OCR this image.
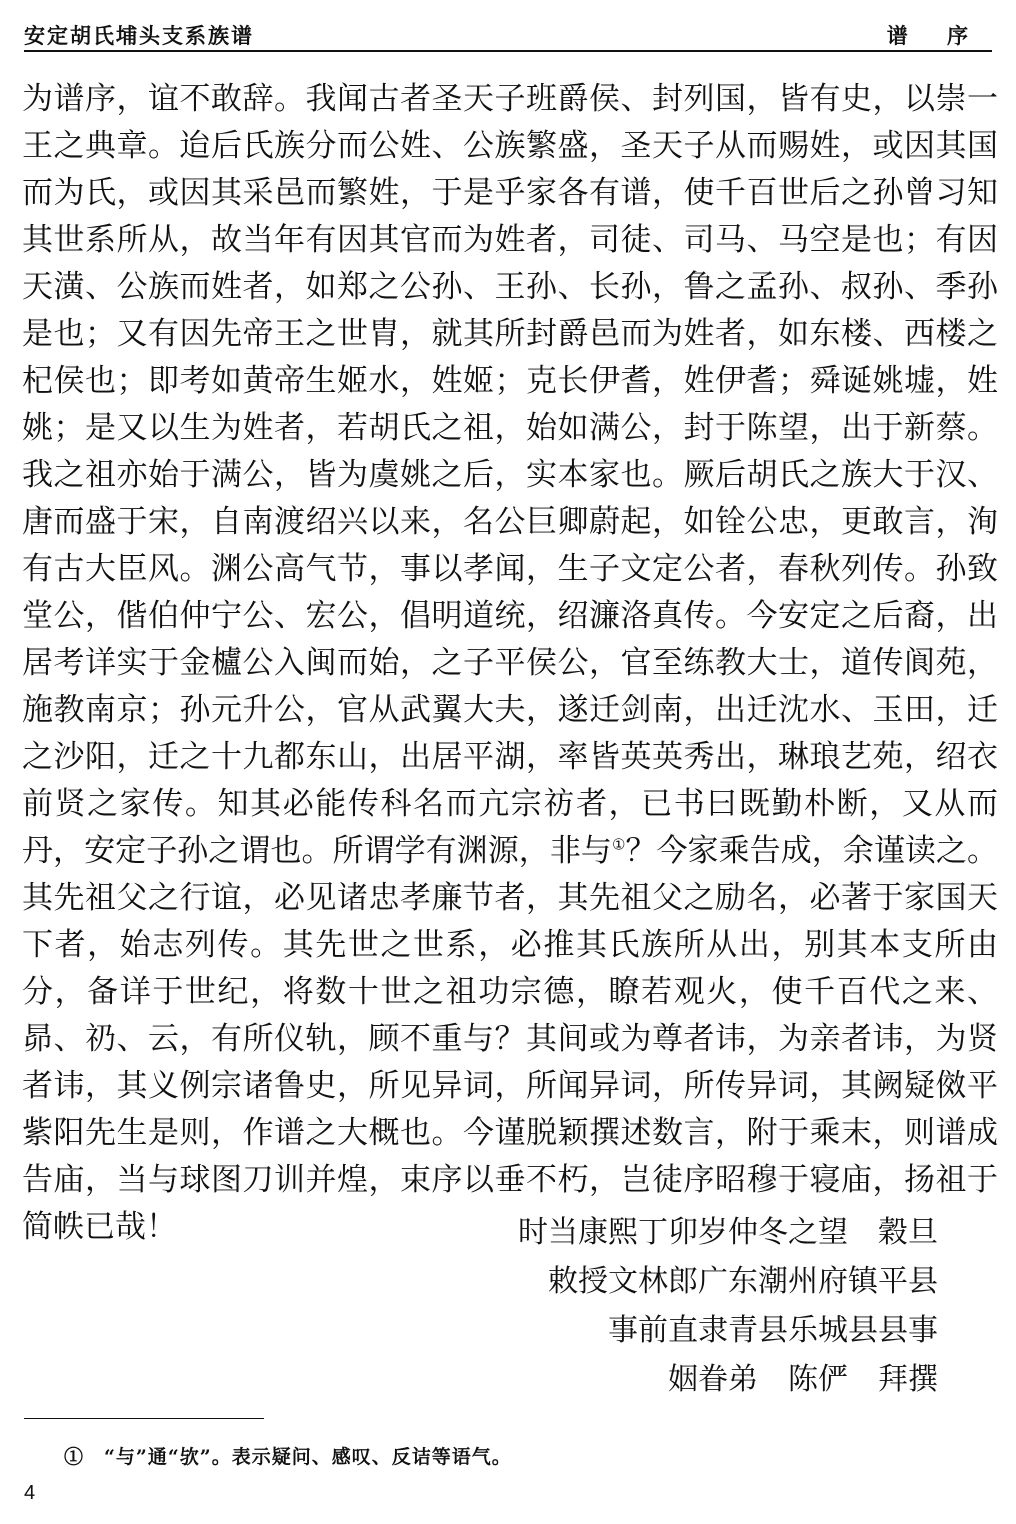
安定胡氏埔头支系族谱	谱 序

为谱序，谊不敢辞。我闻古者圣天子班爵侯、封列国，皆有史，以崇一王之典章。迨后氏族分而公姓、公族繁盛，圣天子从而赐姓，或因其国而为氏，或因其采邑而繁姓，于是乎家各有谱，使千百世后之孙曾习知其世系所从，故当年有因其官而为姓者，司徒、司马、马空是也；有因天潢、公族而姓者，如郑之公孙、王孙、长孙，鲁之孟孙、叔孙、季孙是也；又有因先帝王之世胄，就其所封爵邑而为姓者，如东楼、西楼之杞侯也；即考如黄帝生姬水，姓姬；克长伊耆，姓伊耆；舜诞姚墟，姓姚；是又以生为姓者，若胡氏之祖，始如满公，封于陈望，出于新蔡。我之祖亦始于满公，皆为虞姚之后，实本家也。厥后胡氏之族大于汉、唐而盛于宋，自南渡绍兴以来，名公巨卿蔚起，如铨公忠，更敢言，洵有古大臣风。渊公高气节，事以孝闻，生子文定公者，春秋列传。孙致堂公，偕伯仲宁公、宏公，倡明道统，绍濂洛真传。今安定之后裔，出居考详实于金櫨公入闽而始，之子平侯公，官至练教大士，道传阆苑，施教南京；孙元升公，官从武翼大夫，遂迁剑南，出迁沈水、玉田，迁之沙阳，迁之十九都东山，出居平湖，率皆英英秀出，琳琅艺苑，绍衣前贤之家传。知其必能传科名而亢宗祊者，已书曰既勤朴断，又从而丹，安定子孙之谓也。所谓学有渊源，非与①？今家乘告成，余谨读之。其先祖父之行谊，必见诸忠孝廉节者，其先祖父之励名，必著于家国天下者，始志列传。其先世之世系，必推其氏族所从出，别其本支所由分，备详于世纪，将数十世之祖功宗德，瞭若观火，使千百代之来、昴、礽、云，有所仪轨，顾不重与？其间或为尊者讳，为亲者讳，为贤者讳，其义例宗诸鲁史，所见异词，所闻异词，所传异词，其阙疑傚平紫阳先生是则，作谱之大概也。今谨脱颖撰述数言，附于乘末，则谱成告庙，当与球图刀训并煌，束序以垂不朽，岂徒序昭穆于寝庙，扬祖于简帙已哉！	时当康熙丁卯岁仲冬之望　穀旦
敕授文林郎广东潮州府镇平县
事前直隶青县乐城县县事
姻眷弟　陈俨　拜撰
①　“与”通“欤”。表示疑问、感叹、反诘等语气。
4
